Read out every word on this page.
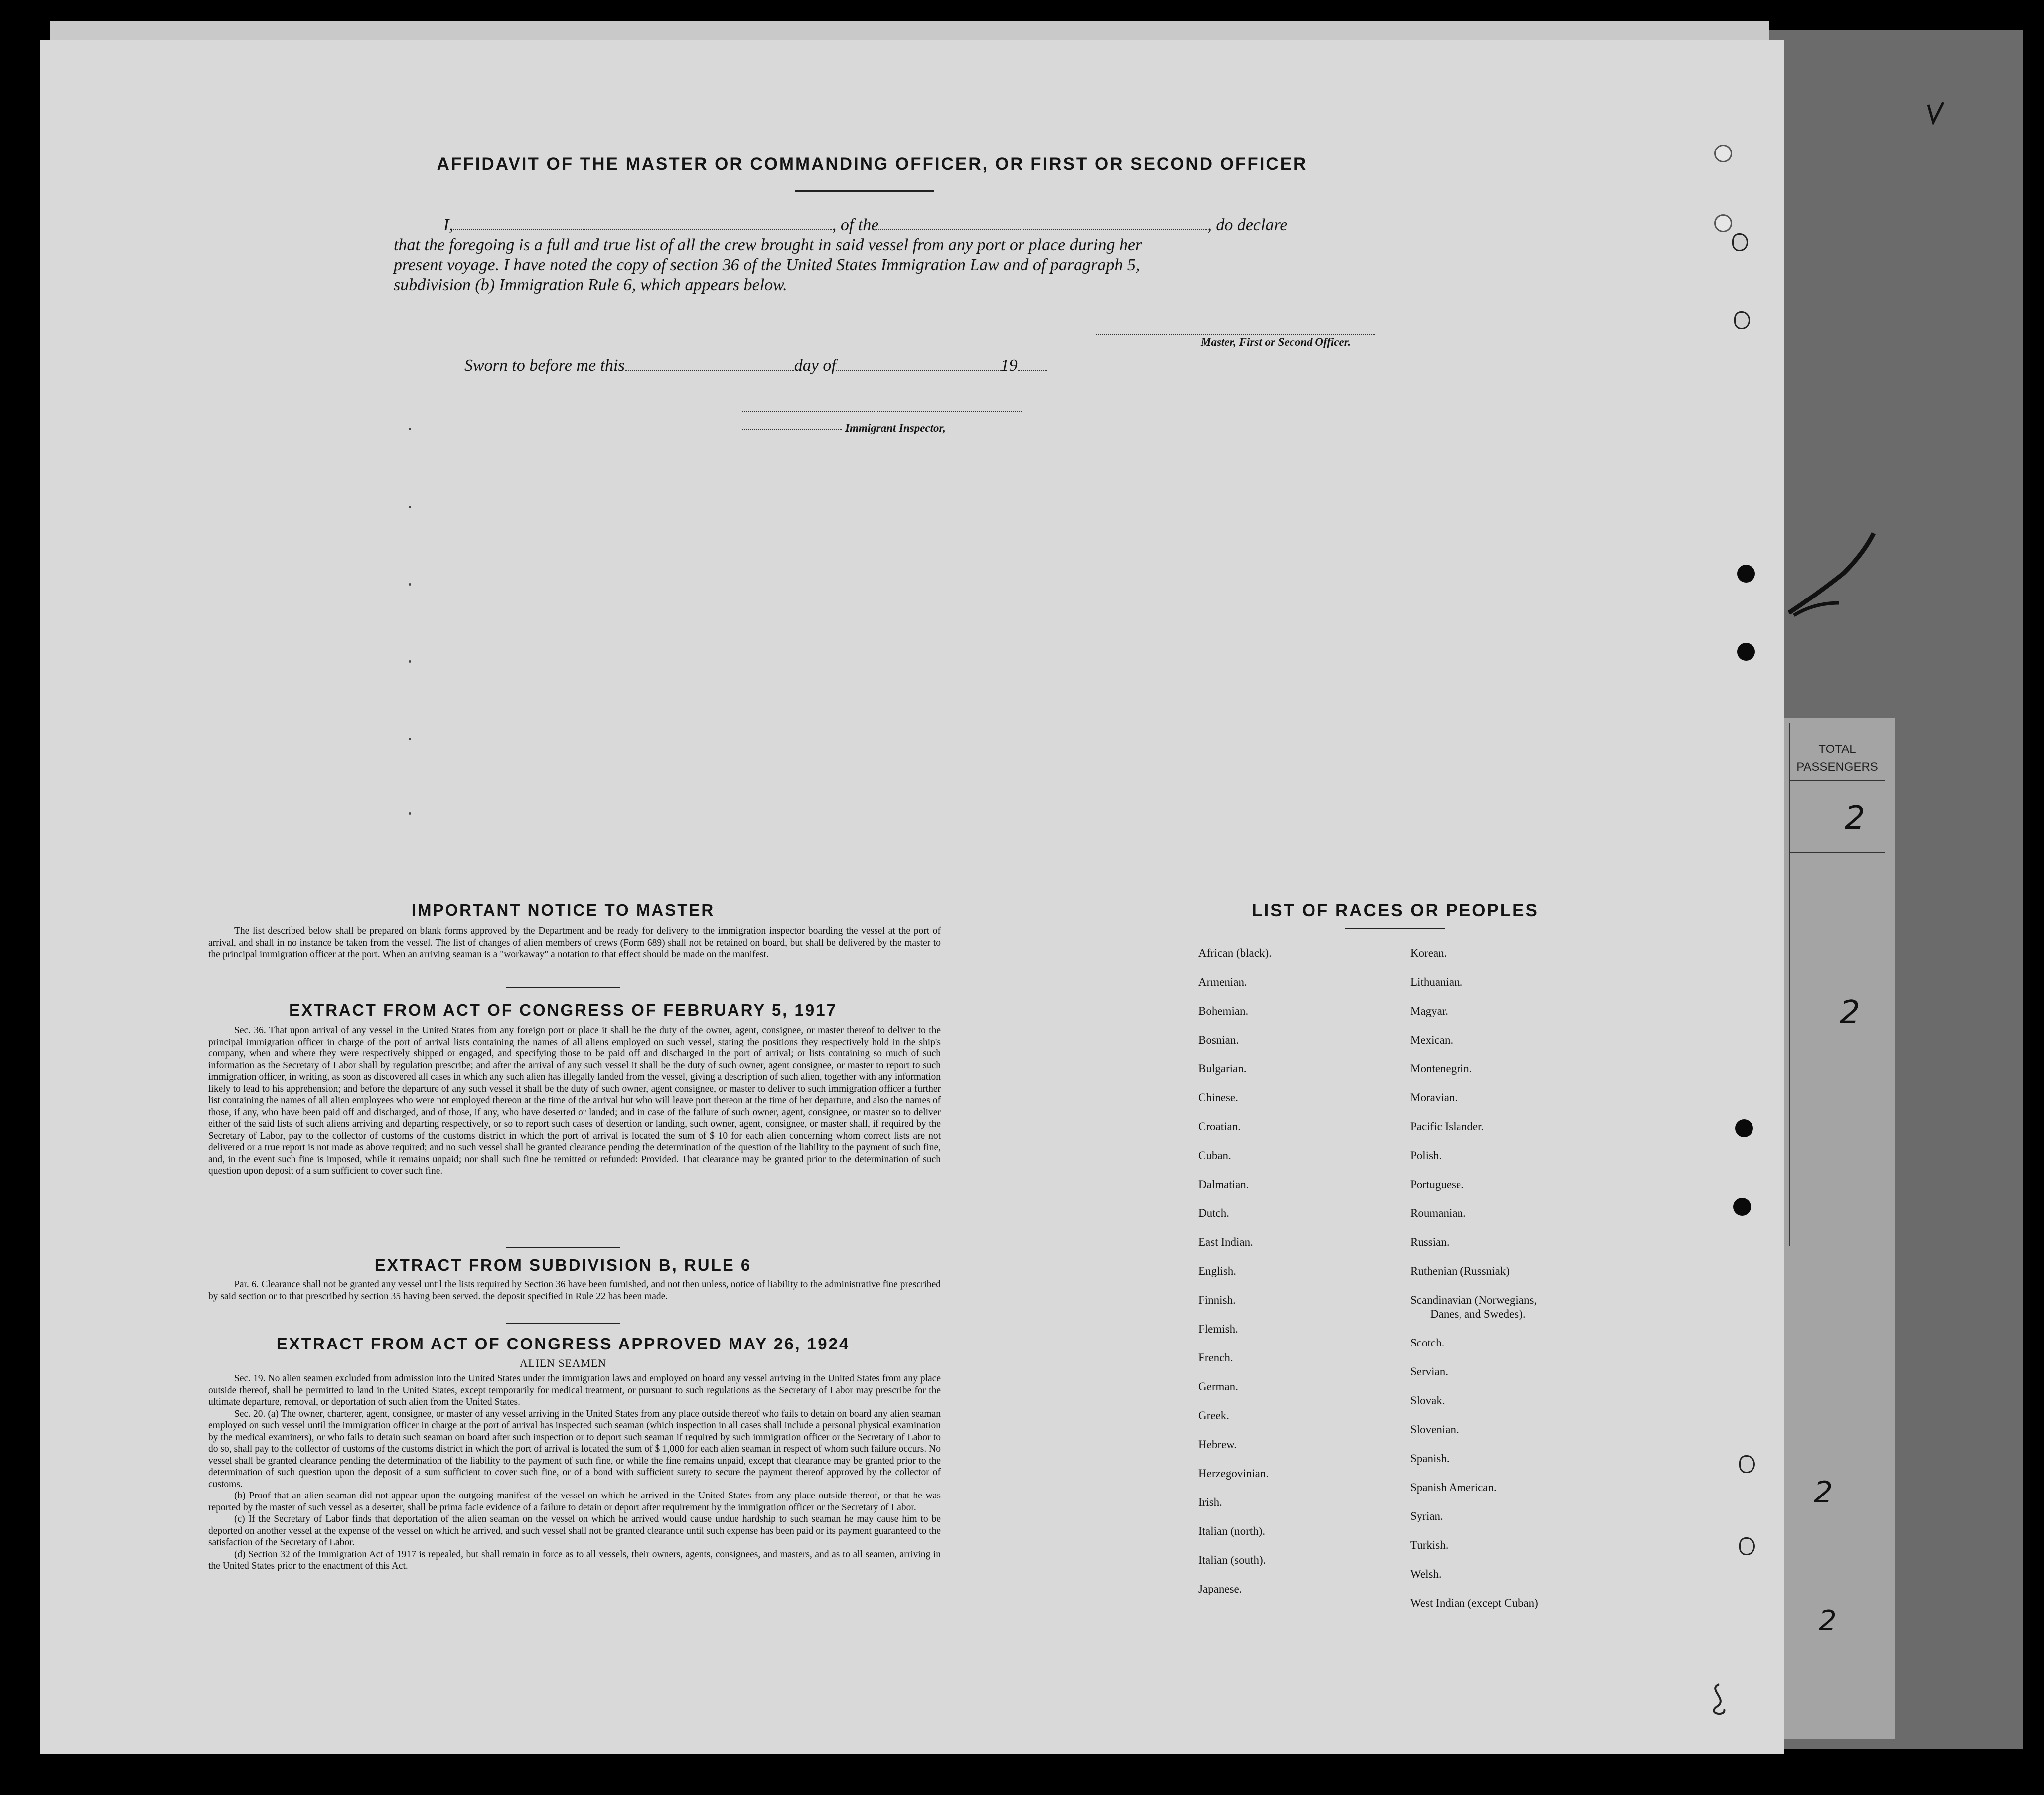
TOTAL
PASSENGERS
2
2
2
2
AFFIDAVIT OF THE MASTER OR COMMANDING OFFICER, OR FIRST OR SECOND OFFICER
I,	, of the	, do declare
that the foregoing is a full and true list of all the crew brought in said vessel from any port or place during her
present voyage. I have noted the copy of section 36 of the United States Immigration Law and of paragraph 5,
subdivision (b) Immigration Rule 6, which appears below.
Master, First or Second Officer.
Sworn to before me this	day of	19
Immigrant Inspector,
IMPORTANT NOTICE TO MASTER

The list described below shall be prepared on blank forms approved by the Department and be ready for delivery to the immigration inspector boarding the vessel at the port of arrival, and shall in no instance be taken from the vessel. The list of changes of alien members of crews (Form 689) shall not be retained on board, but shall be delivered by the master to the principal immigration officer at the port. When an arriving seaman is a "workaway" a notation to that effect should be made on the manifest.

EXTRACT FROM ACT OF CONGRESS OF FEBRUARY 5, 1917

Sec. 36. That upon arrival of any vessel in the United States from any foreign port or place it shall be the duty of the owner, agent, consignee, or master thereof to deliver to the principal immigration officer in charge of the port of arrival lists containing the names of all aliens employed on such vessel, stating the positions they respectively hold in the ship's company, when and where they were respectively shipped or engaged, and specifying those to be paid off and discharged in the port of arrival; or lists containing so much of such information as the Secretary of Labor shall by regulation prescribe; and after the arrival of any such vessel it shall be the duty of such owner, agent consignee, or master to report to such immigration officer, in writing, as soon as discovered all cases in which any such alien has illegally landed from the vessel, giving a description of such alien, together with any information likely to lead to his apprehension; and before the departure of any such vessel it shall be the duty of such owner, agent consignee, or master to deliver to such immigration officer a further list containing the names of all alien employees who were not employed thereon at the time of the arrival but who will leave port thereon at the time of her departure, and also the names of those, if any, who have been paid off and discharged, and of those, if any, who have deserted or landed; and in case of the failure of such owner, agent, consignee, or master so to deliver either of the said lists of such aliens arriving and departing respectively, or so to report such cases of desertion or landing, such owner, agent, consignee, or master shall, if required by the Secretary of Labor, pay to the collector of customs of the customs district in which the port of arrival is located the sum of $ 10 for each alien concerning whom correct lists are not delivered or a true report is not made as above required; and no such vessel shall be granted clearance pending the determination of the question of the liability to the payment of such fine, and, in the event such fine is imposed, while it remains unpaid; nor shall such fine be remitted or refunded: Provided. That clearance may be granted prior to the determination of such question upon deposit of a sum sufficient to cover such fine.

EXTRACT FROM SUBDIVISION B, RULE 6

Par. 6. Clearance shall not be granted any vessel until the lists required by Section 36 have been furnished, and not then unless, notice of liability to the administrative fine prescribed by said section or to that prescribed by section 35 having been served. the deposit specified in Rule 22 has been made.

EXTRACT FROM ACT OF CONGRESS APPROVED MAY 26, 1924
ALIEN SEAMEN

Sec. 19. No alien seamen excluded from admission into the United States under the immigration laws and employed on board any vessel arriving in the United States from any place outside thereof, shall be permitted to land in the United States, except temporarily for medical treatment, or pursuant to such regulations as the Secretary of Labor may prescribe for the ultimate departure, removal, or deportation of such alien from the United States.

Sec. 20. (a) The owner, charterer, agent, consignee, or master of any vessel arriving in the United States from any place outside thereof who fails to detain on board any alien seaman employed on such vessel until the immigration officer in charge at the port of arrival has inspected such seaman (which inspection in all cases shall include a personal physical examination by the medical examiners), or who fails to detain such seaman on board after such inspection or to deport such seaman if required by such immigration officer or the Secretary of Labor to do so, shall pay to the collector of customs of the customs district in which the port of arrival is located the sum of $ 1,000 for each alien seaman in respect of whom such failure occurs. No vessel shall be granted clearance pending the determination of the liability to the payment of such fine, or while the fine remains unpaid, except that clearance may be granted prior to the determination of such question upon the deposit of a sum sufficient to cover such fine, or of a bond with sufficient surety to secure the payment thereof approved by the collector of customs.

(b) Proof that an alien seaman did not appear upon the outgoing manifest of the vessel on which he arrived in the United States from any place outside thereof, or that he was reported by the master of such vessel as a deserter, shall be prima facie evidence of a failure to detain or deport after requirement by the immigration officer or the Secretary of Labor.

(c) If the Secretary of Labor finds that deportation of the alien seaman on the vessel on which he arrived would cause undue hardship to such seaman he may cause him to be deported on another vessel at the expense of the vessel on which he arrived, and such vessel shall not be granted clearance until such expense has been paid or its payment guaranteed to the satisfaction of the Secretary of Labor.

(d) Section 32 of the Immigration Act of 1917 is repealed, but shall remain in force as to all vessels, their owners, agents, consignees, and masters, and as to all seamen, arriving in the United States prior to the enactment of this Act.

LIST OF RACES OR PEOPLES
African (black).
Armenian.
Bohemian.
Bosnian.
Bulgarian.
Chinese.
Croatian.
Cuban.
Dalmatian.
Dutch.
East Indian.
English.
Finnish.
Flemish.
French.
German.
Greek.
Hebrew.
Herzegovinian.
Irish.
Italian (north).
Italian (south).
Japanese.
Korean.
Lithuanian.
Magyar.
Mexican.
Montenegrin.
Moravian.
Pacific Islander.
Polish.
Portuguese.
Roumanian.
Russian.
Ruthenian (Russniak)
Scandinavian (Norwegians,
Danes, and Swedes).
Scotch.
Servian.
Slovak.
Slovenian.
Spanish.
Spanish American.
Syrian.
Turkish.
Welsh.
West Indian (except Cuban)
